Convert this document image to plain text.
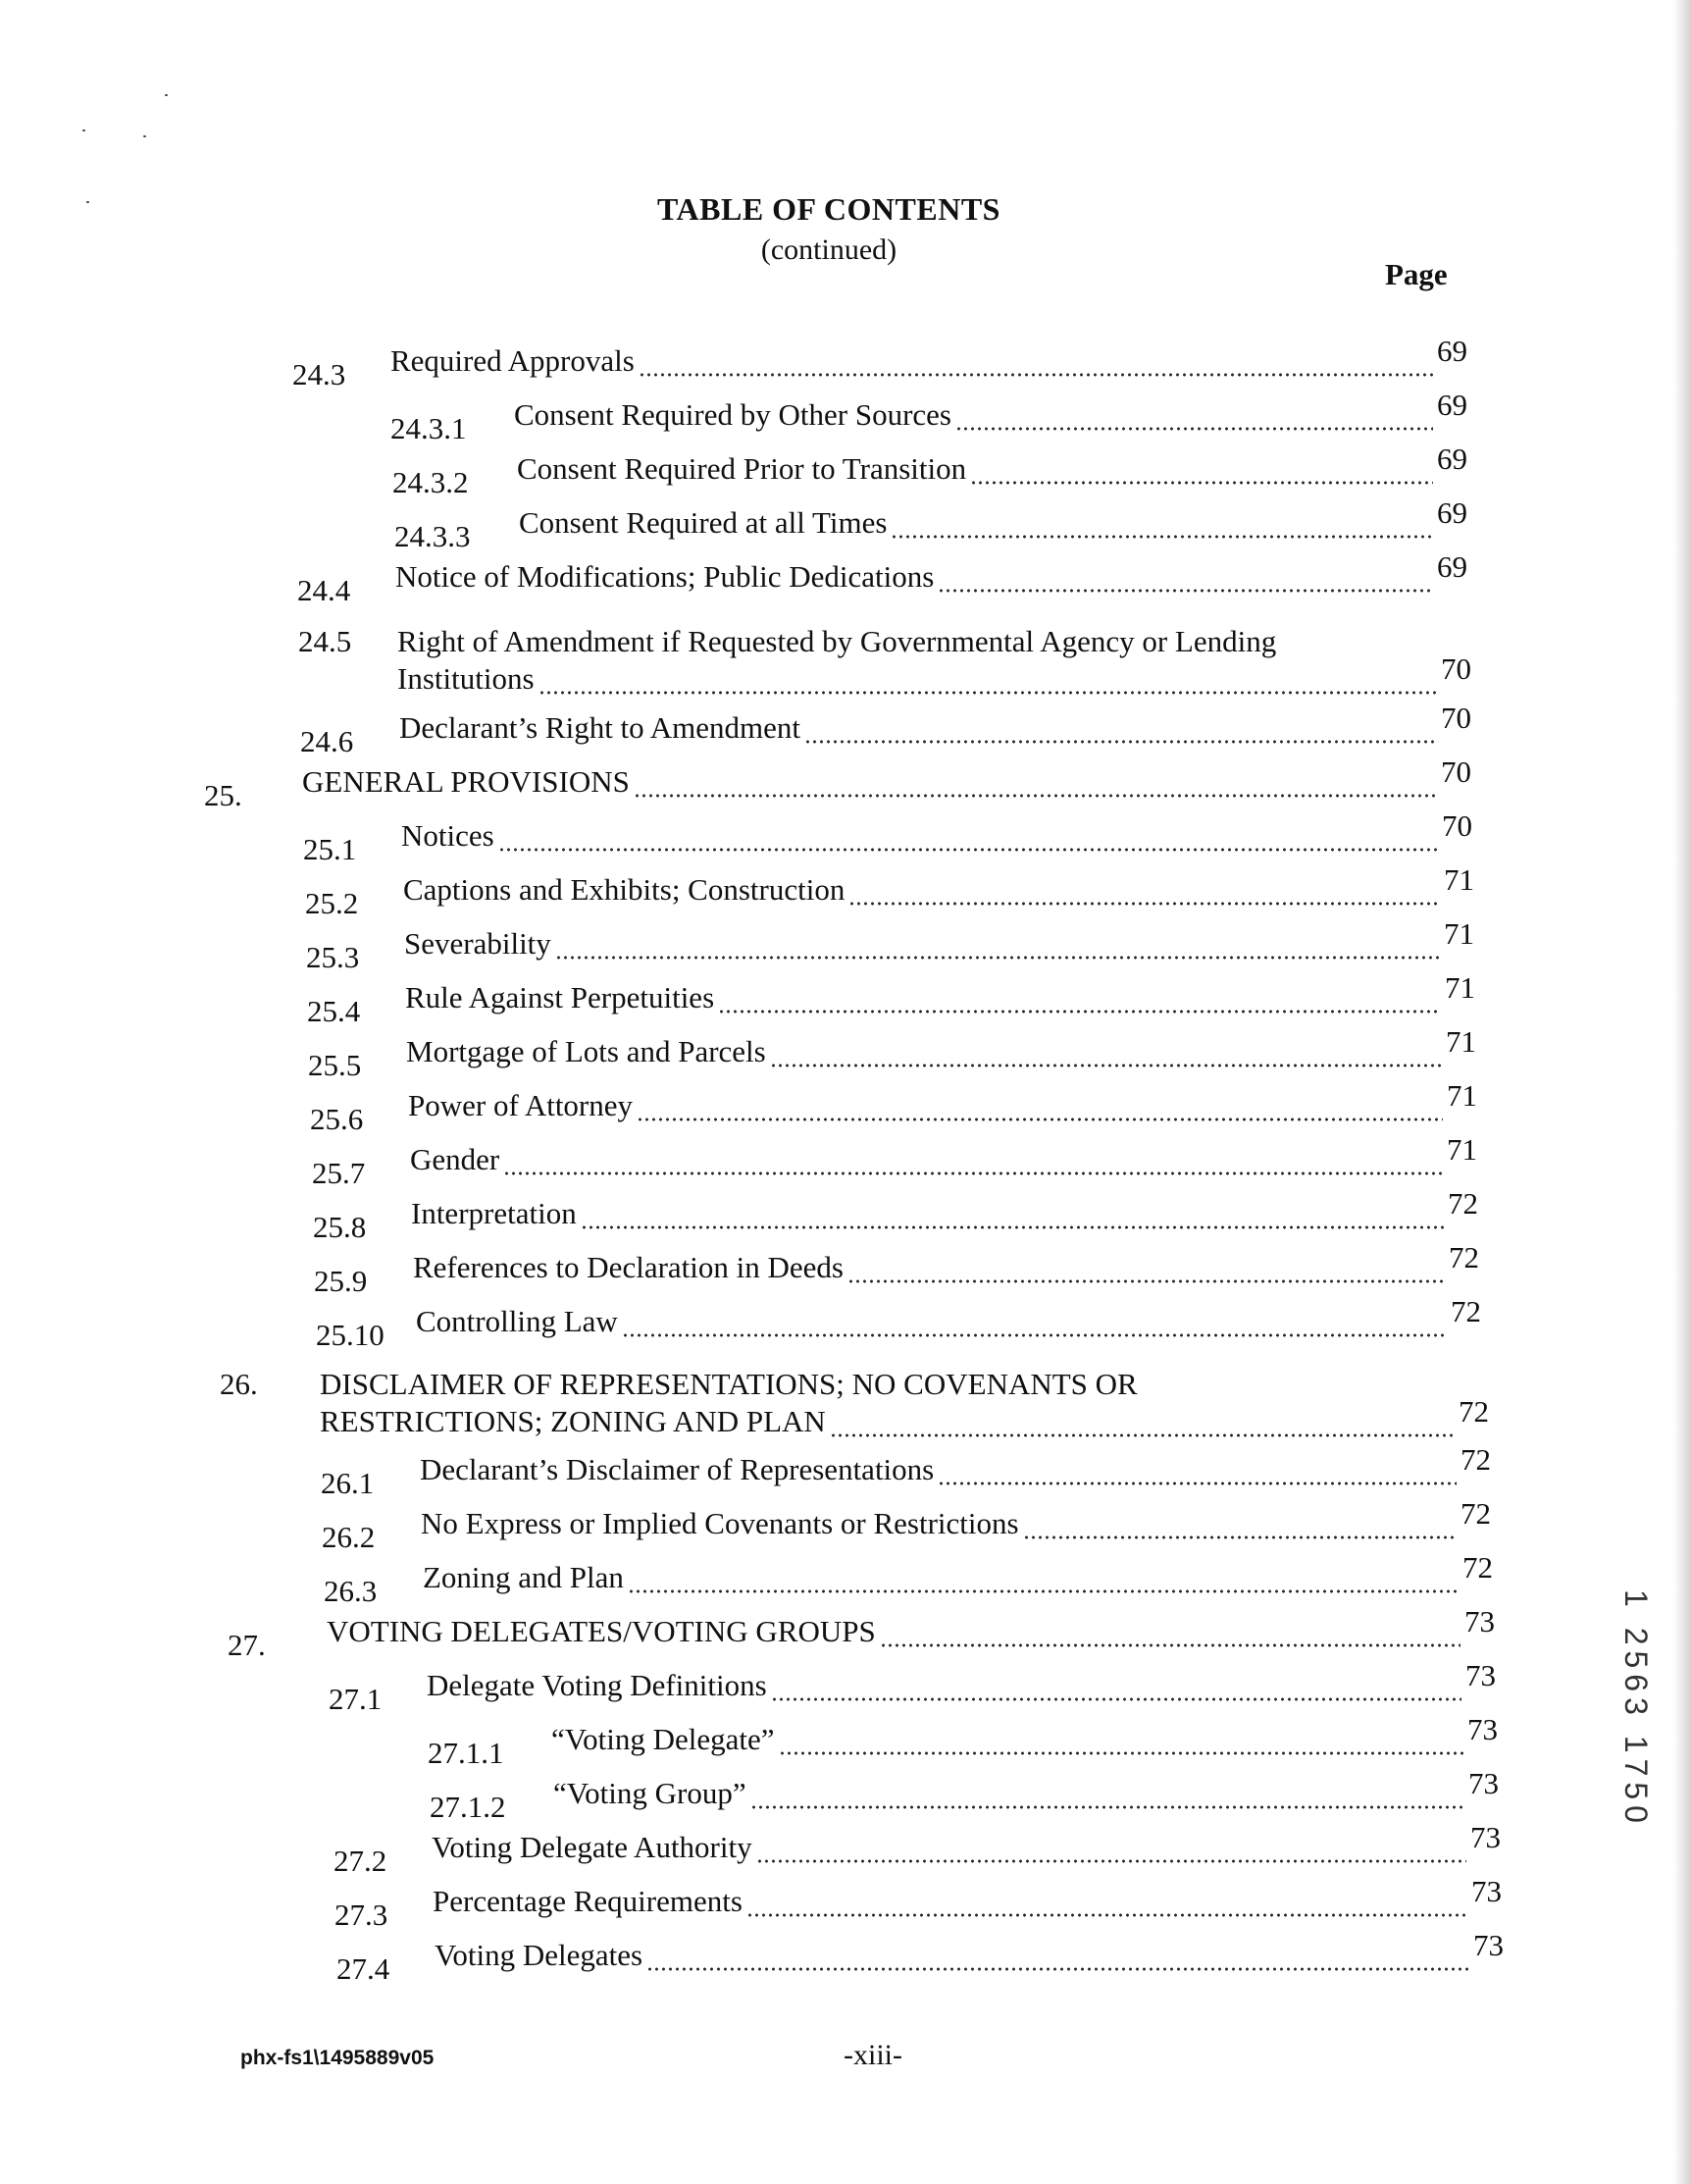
TABLE OF CONTENTS
(continued)
Page
24.3 Required Approvals	69
24.3.1 Consent Required by Other Sources	69
24.3.2 Consent Required Prior to Transition	69
24.3.3 Consent Required at all Times	69
24.4 Notice of Modifications; Public Dedications	69
24.5 Right of Amendment if Requested by Governmental Agency or Lending
Institutions	70
24.6 Declarant’s Right to Amendment	70
25. GENERAL PROVISIONS	70
25.1 Notices	70
25.2 Captions and Exhibits; Construction	71
25.3 Severability	71
25.4 Rule Against Perpetuities	71
25.5 Mortgage of Lots and Parcels	71
25.6 Power of Attorney	71
25.7 Gender	71
25.8 Interpretation	72
25.9 References to Declaration in Deeds	72
25.10 Controlling Law	72
26. DISCLAIMER OF REPRESENTATIONS; NO COVENANTS OR
RESTRICTIONS; ZONING AND PLAN	72
26.1 Declarant’s Disclaimer of Representations	72
26.2 No Express or Implied Covenants or Restrictions	72
26.3 Zoning and Plan	72
27. VOTING DELEGATES/VOTING GROUPS	73
27.1 Delegate Voting Definitions	73
27.1.1 “Voting Delegate”	73
27.1.2 “Voting Group”	73
27.2 Voting Delegate Authority	73
27.3 Percentage Requirements	73
27.4 Voting Delegates	73
phx-fs1\1495889v05	-xiii-
1 2563 1750
